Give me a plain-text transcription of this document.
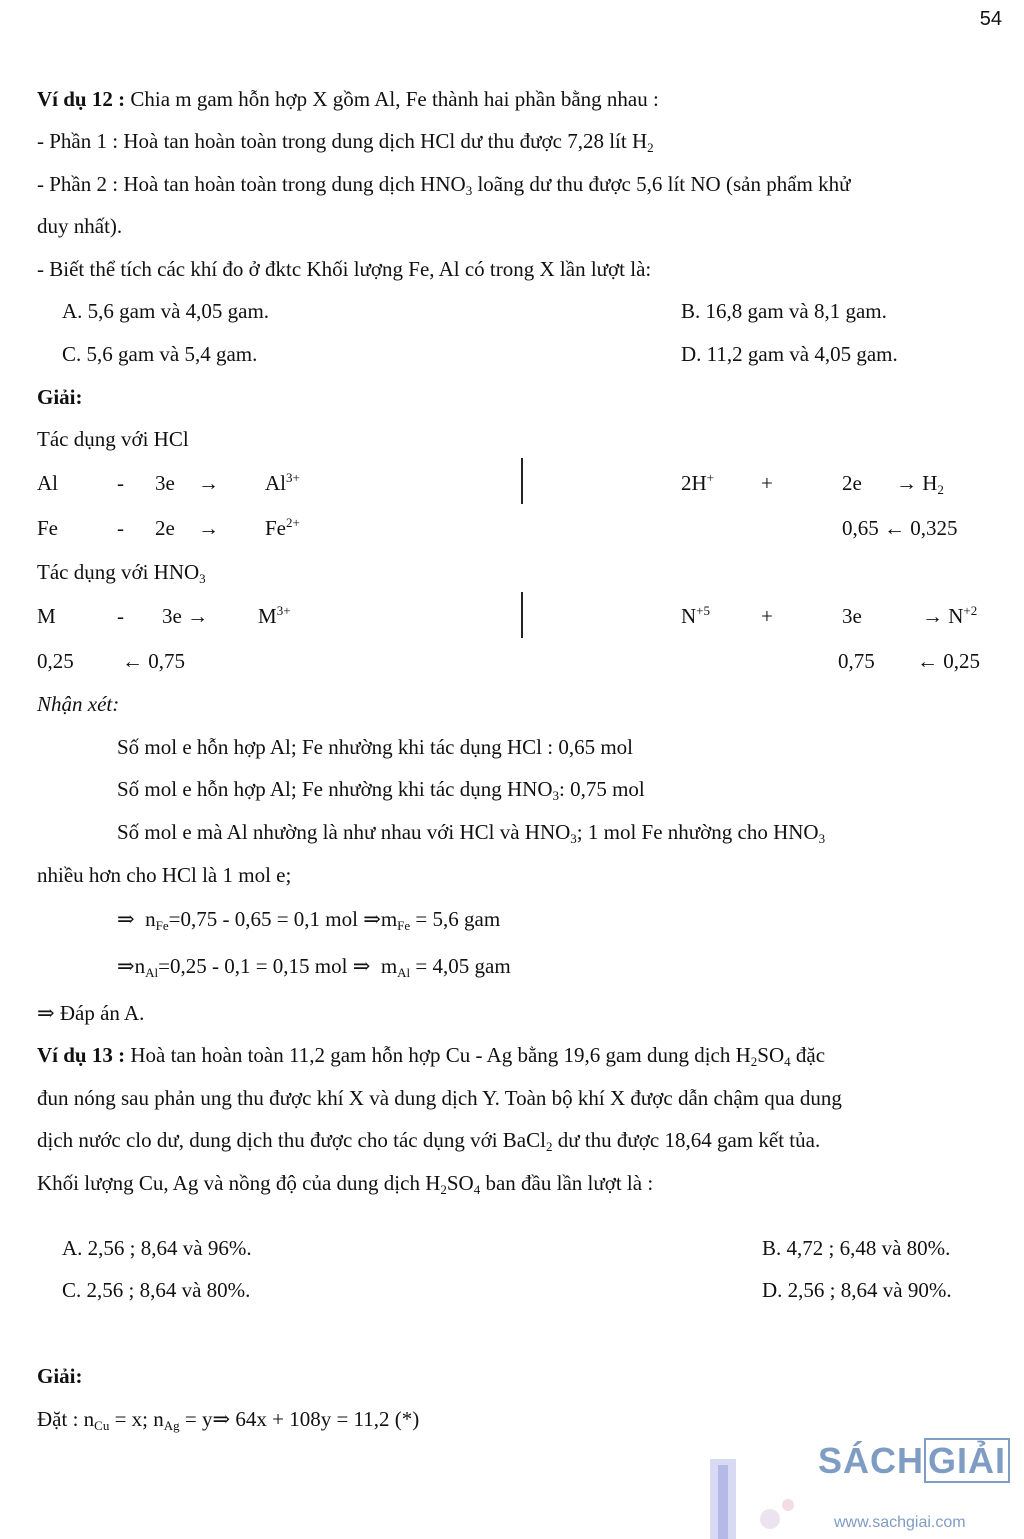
54
Ví dụ 12 : Chia m gam hỗn hợp X gồm Al, Fe thành hai phần bằng nhau :
- Phần 1 : Hoà tan hoàn toàn trong dung dịch HCl dư thu được 7,28 lít $H_2$
- Phần 2 : Hoà tan hoàn toàn trong dung dịch $HNO_3$ loãng dư thu được 5,6 lít NO (sản phẩm khử
duy nhất).
- Biết thể tích các khí đo ở đktc Khối lượng Fe, Al có trong X lần lượt là:
A. 5,6 gam và 4,05 gam.	B. 16,8 gam và 8,1 gam.
C. 5,6 gam và 5,4 gam.	D. 11,2 gam và 4,05 gam.
Giải:
Tác dụng với HCl
Al	- $3e \to Al^{3+}$	2H+ +	$2e \to H_2$
Fe	- $2e \to Fe^{2+}$	0,65 ← 0,325
Tác dụng với $HNO_3$
M	- $3e \to M^{3+}$	$N^{+5}$ +	3e	→ $N^{+2}$
0,25 ← 0,75	0,75 ← 0,25
Nhận xét:
Số mol e hỗn hợp Al; Fe nhường khi tác dụng HCl : 0,65 mol
Số mol e hỗn hợp Al; Fe nhường khi tác dụng $HNO_3$: 0,75 mol
Số mol e mà Al nhường là như nhau với HCl và $HNO_3$; 1 mol Fe nhường cho $HNO_3$
nhiều hơn cho HCl là 1 mol e;
⇒ $n_{Fe}=0,75 - 0,65 = 0,1$ mol $\Rightarrow m_{Fe} = 5,6$ gam
$\Rightarrow n_{Al}=0,25 - 0,1 = 0,15$ mol ⇒ $m_{Al} = 4,05$ gam
⇒ Đáp án A.
Ví dụ 13 : Hoà tan hoàn toàn 11,2 gam hỗn hợp Cu - Ag bằng 19,6 gam dung dịch $H_2SO_4$ đặc
đun nóng sau phản ung thu được khí X và dung dịch Y. Toàn bộ khí X được dẫn chậm qua dung
dịch nước clo dư, dung dịch thu được cho tác dụng với BaCl$_2$ dư thu được 18,64 gam kết tủa.
Khối lượng Cu, Ag và nồng độ của dung dịch $H_2SO_4$ ban đầu lần lượt là :
A. 2,56 ; 8,64 và 96%.	B. 4,72 ; 6,48 và 80%.
C. 2,56 ; 8,64 và 80%.	D. 2,56 ; 8,64 và 90%.
Giải:
Đặt : $n_{Cu} = x$; $n_{Ag}$ = y⇒ 64x + 108y = 11,2 (*)
SÁCH GIẢI
www.sachgiai.com
